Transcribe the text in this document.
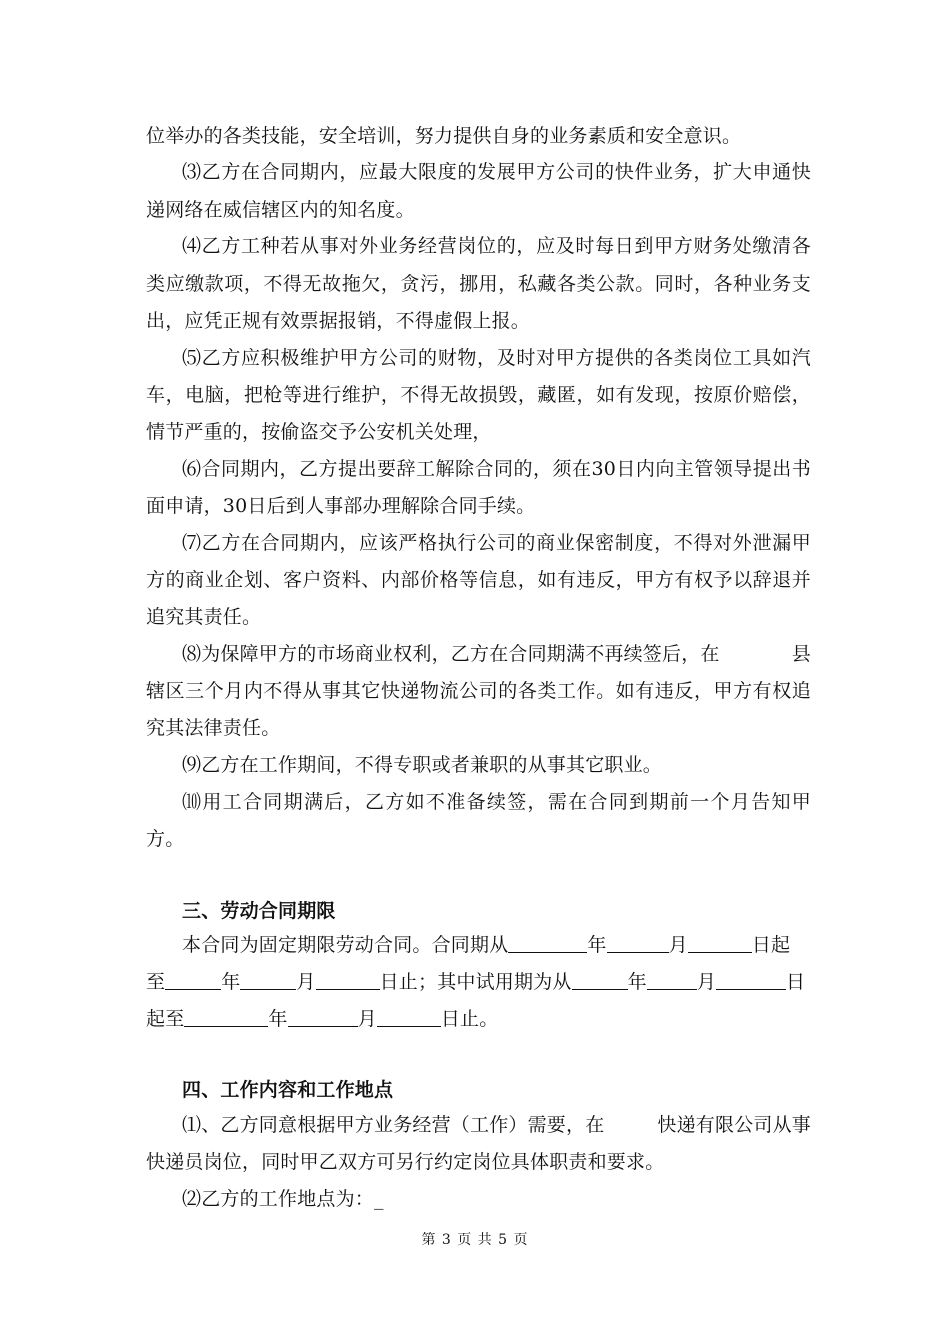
位举办的各类技能，安全培训，努力提供自身的业务素质和安全意识。
⑶乙方在合同期内，应最大限度的发展甲方公司的快件业务，扩大申通快
递网络在威信辖区内的知名度。
⑷乙方工种若从事对外业务经营岗位的，应及时每日到甲方财务处缴清各
类应缴款项，不得无故拖欠，贪污，挪用，私藏各类公款。同时，各种业务支
出，应凭正规有效票据报销，不得虚假上报。
⑸乙方应积极维护甲方公司的财物，及时对甲方提供的各类岗位工具如汽
车，电脑，把枪等进行维护，不得无故损毁，藏匿，如有发现，按原价赔偿，
情节严重的，按偷盗交予公安机关处理，
⑹合同期内，乙方提出要辞工解除合同的，须在30日内向主管领导提出书
面申请，30日后到人事部办理解除合同手续。
⑺乙方在合同期内，应该严格执行公司的商业保密制度，不得对外泄漏甲
方的商业企划、客户资料、内部价格等信息，如有违反，甲方有权予以辞退并
追究其责任。
⑻为保障甲方的市场商业权利，乙方在合同期满不再续签后，在	县
辖区三个月内不得从事其它快递物流公司的各类工作。如有违反，甲方有权追
究其法律责任。
⑼乙方在工作期间，不得专职或者兼职的从事其它职业。
⑽用工合同期满后，乙方如不准备续签，需在合同到期前一个月告知甲
方。
三、劳动合同期限
本合同为固定期限劳动合同。合同期从	年	月	日起
至	年	月	日止；其中试用期为从	年	月	日
起至	年	月	日止。
四、工作内容和工作地点
⑴、乙方同意根据甲方业务经营（工作）需要，在	快递有限公司从事
快递员岗位，同时甲乙双方可另行约定岗位具体职责和要求。
⑵乙方的工作地点为：_
第 3 页 共 5 页
